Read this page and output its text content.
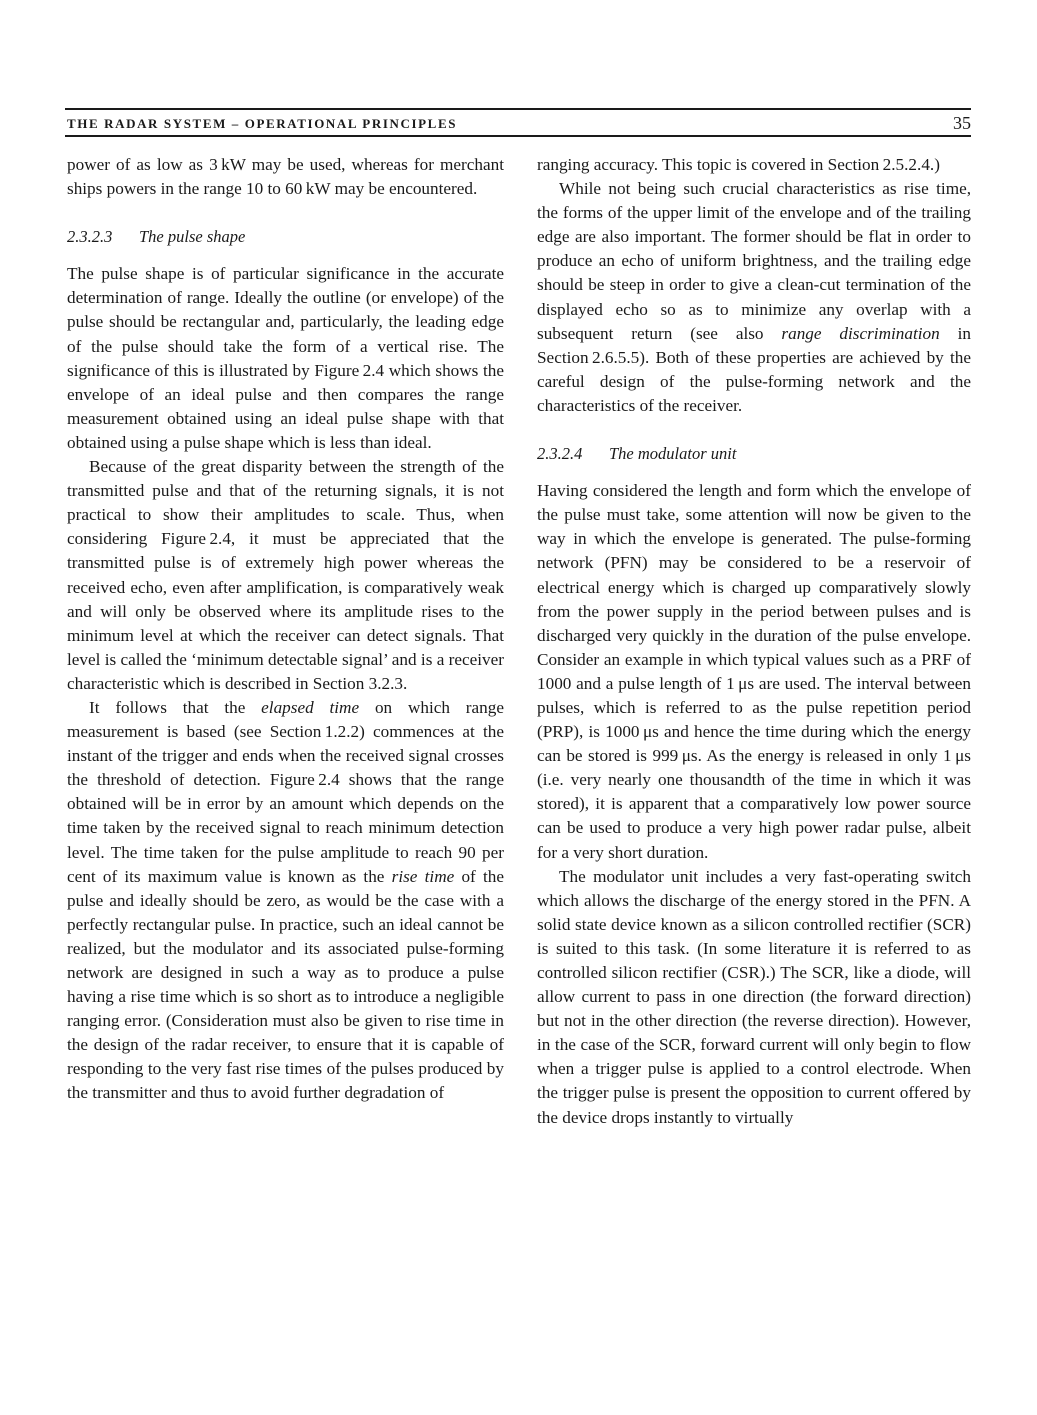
THE RADAR SYSTEM – OPERATIONAL PRINCIPLES	35

power of as low as 3 kW may be used, whereas for merchant ships powers in the range 10 to 60 kW may be encountered.

2.3.2.3 The pulse shape

The pulse shape is of particular significance in the accurate determination of range. Ideally the outline (or envelope) of the pulse should be rectangular and, particularly, the leading edge of the pulse should take the form of a vertical rise. The significance of this is illustrated by Figure 2.4 which shows the envelope of an ideal pulse and then compares the range measurement obtained using an ideal pulse shape with that obtained using a pulse shape which is less than ideal.

Because of the great disparity between the strength of the transmitted pulse and that of the returning signals, it is not practical to show their amplitudes to scale. Thus, when considering Figure 2.4, it must be appreciated that the transmitted pulse is of extremely high power whereas the received echo, even after amplification, is comparatively weak and will only be observed where its amplitude rises to the minimum level at which the receiver can detect signals. That level is called the ‘minimum detectable signal’ and is a receiver characteristic which is described in Section 3.2.3.

It follows that the elapsed time on which range measurement is based (see Section 1.2.2) commences at the instant of the trigger and ends when the received signal crosses the threshold of detection. Figure 2.4 shows that the range obtained will be in error by an amount which depends on the time taken by the received signal to reach minimum detection level. The time taken for the pulse amplitude to reach 90 per cent of its maximum value is known as the rise time of the pulse and ideally should be zero, as would be the case with a perfectly rectangular pulse. In practice, such an ideal cannot be realized, but the modulator and its associated pulse-forming network are designed in such a way as to produce a pulse having a rise time which is so short as to introduce a negligible ranging error. (Consideration must also be given to rise time in the design of the radar receiver, to ensure that it is capable of responding to the very fast rise times of the pulses produced by the transmitter and thus to avoid further degradation of

ranging accuracy. This topic is covered in Section 2.5.2.4.)

While not being such crucial characteristics as rise time, the forms of the upper limit of the envelope and of the trailing edge are also important. The former should be flat in order to produce an echo of uniform brightness, and the trailing edge should be steep in order to give a clean-cut termination of the displayed echo so as to minimize any overlap with a subsequent return (see also range discrimination in Section 2.6.5.5). Both of these properties are achieved by the careful design of the pulse-forming network and the characteristics of the receiver.

2.3.2.4 The modulator unit

Having considered the length and form which the envelope of the pulse must take, some attention will now be given to the way in which the envelope is generated. The pulse-forming network (PFN) may be considered to be a reservoir of electrical energy which is charged up comparatively slowly from the power supply in the period between pulses and is discharged very quickly in the duration of the pulse envelope. Consider an example in which typical values such as a PRF of 1000 and a pulse length of 1 μs are used. The interval between pulses, which is referred to as the pulse repetition period (PRP), is 1000 μs and hence the time during which the energy can be stored is 999 μs. As the energy is released in only 1 μs (i.e. very nearly one thousandth of the time in which it was stored), it is apparent that a comparatively low power source can be used to produce a very high power radar pulse, albeit for a very short duration.

The modulator unit includes a very fast-operating switch which allows the discharge of the energy stored in the PFN. A solid state device known as a silicon controlled rectifier (SCR) is suited to this task. (In some literature it is referred to as controlled silicon rectifier (CSR).) The SCR, like a diode, will allow current to pass in one direction (the forward direction) but not in the other direction (the reverse direction). However, in the case of the SCR, forward current will only begin to flow when a trigger pulse is applied to a control electrode. When the trigger pulse is present the opposition to current offered by the device drops instantly to virtually
